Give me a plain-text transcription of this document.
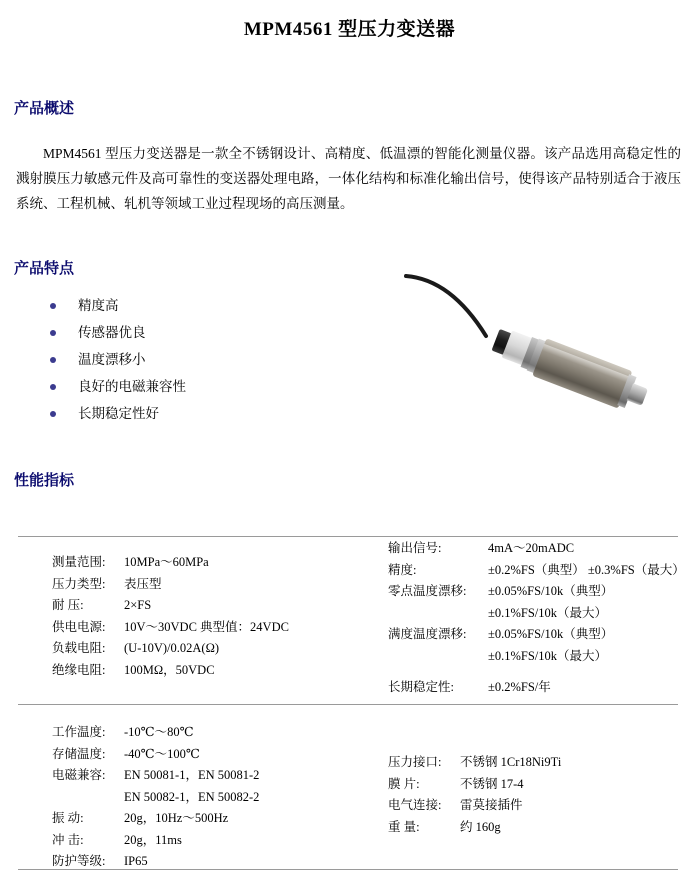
MPM4561 型压力变送器
产品概述

MPM4561 型压力变送器是一款全不锈钢设计、高精度、低温漂的智能化测量仪器。该产品选用高稳定性的溅射膜压力敏感元件及高可靠性的变送器处理电路，一体化结构和标准化输出信号，使得该产品特别适合于液压系统、工程机械、轧机等领域工业过程现场的高压测量。

产品特点
精度高
传感器优良
温度漂移小
良好的电磁兼容性
长期稳定性好
性能指标
测量范围:	10MPa～60MPa
压力类型:	表压型
耐 压:	2×FS
供电电源:	10V～30VDC 典型值：24VDC
负载电阻:	(U-10V)/0.02A(Ω)
绝缘电阻:	100MΩ，50VDC
输出信号:	4mA～20mADC
精度:	±0.2%FS（典型） ±0.3%FS（最大）
零点温度漂移:	±0.05%FS/10k（典型）
±0.1%FS/10k（最大）
满度温度漂移:	±0.05%FS/10k（典型）
±0.1%FS/10k（最大）
长期稳定性:	±0.2%FS/年
工作温度:	-10℃～80℃
存储温度:	-40℃～100℃
电磁兼容:	EN 50081-1，EN 50081-2
EN 50082-1，EN 50082-2
振 动:	20g，10Hz～500Hz
冲 击:	20g，11ms
防护等级:	IP65
压力接口:	不锈钢 1Cr18Ni9Ti
膜 片:	不锈钢 17-4
电气连接:	雷莫接插件
重 量:	约 160g
